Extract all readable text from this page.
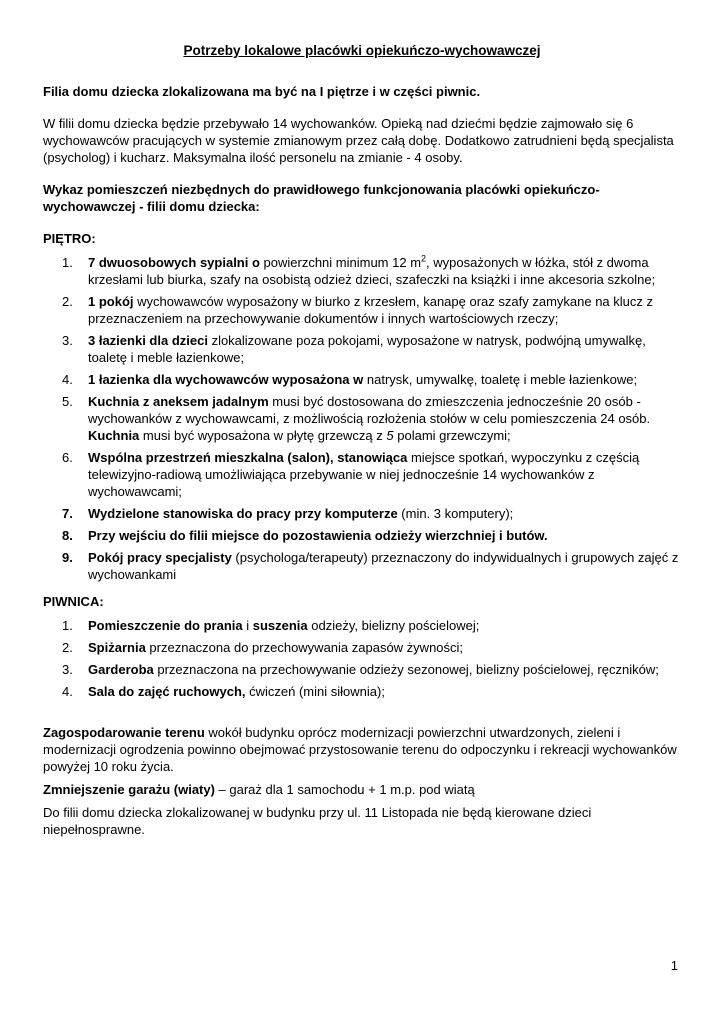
Potrzeby lokalowe placówki opiekuńczo-wychowawczej

Filia domu dziecka zlokalizowana ma być na I piętrze i w części piwnic.

W filii domu dziecka będzie przebywało 14 wychowanków. Opieką nad dziećmi będzie zajmowało się 6 wychowawców pracujących w systemie zmianowym przez całą dobę. Dodatkowo zatrudnieni będą specjalista (psycholog) i kucharz. Maksymalna ilość personelu na zmianie - 4 osoby.

Wykaz pomieszczeń niezbędnych do prawidłowego funkcjonowania placówki opiekuńczo-wychowawczej - filii domu dziecka:

PIĘTRO:
1.	7 dwuosobowych sypialni o powierzchni minimum 12 $m^2$, wyposażonych w łóżka, stół z dwoma krzesłami lub biurka, szafy na osobistą odzież dzieci, szafeczki na książki i inne akcesoria szkolne;
2.	1 pokój wychowawców wyposażony w biurko z krzesłem, kanapę oraz szafy zamykane na klucz z przeznaczeniem na przechowywanie dokumentów i innych wartościowych rzeczy;
3.	3 łazienki dla dzieci zlokalizowane poza pokojami, wyposażone w natrysk, podwójną umywalkę, toaletę i meble łazienkowe;
4.	1 łazienka dla wychowawców wyposażona w natrysk, umywalkę, toaletę i meble łazienkowe;
5.	Kuchnia z aneksem jadalnym musi być dostosowana do zmieszczenia jednocześnie 20 osób - wychowanków z wychowawcami, z możliwością rozłożenia stołów w celu pomieszczenia 24 osób. Kuchnia musi być wyposażona w płytę grzewczą z 5 polami grzewczymi;
6.	Wspólna przestrzeń mieszkalna (salon), stanowiąca miejsce spotkań, wypoczynku z częścią telewizyjno-radiową umożliwiająca przebywanie w niej jednocześnie 14 wychowanków z wychowawcami;
7.	Wydzielone stanowiska do pracy przy komputerze (min. 3 komputery);
8.	Przy wejściu do filii miejsce do pozostawienia odzieży wierzchniej i butów.
9.	Pokój pracy specjalisty (psychologa/terapeuty) przeznaczony do indywidualnych i grupowych zajęć z wychowankami
PIWNICA:
1.	Pomieszczenie do prania i suszenia odzieży, bielizny pościelowej;
2.	Spiżarnia przeznaczona do przechowywania zapasów żywności;
3.	Garderoba przeznaczona na przechowywanie odzieży sezonowej, bielizny pościelowej, ręczników;
4.	Sala do zajęć ruchowych, ćwiczeń (mini siłownia);

Zagospodarowanie terenu wokół budynku oprócz modernizacji powierzchni utwardzonych, zieleni i modernizacji ogrodzenia powinno obejmować przystosowanie terenu do odpoczynku i rekreacji wychowanków powyżej 10 roku życia.

Zmniejszenie garażu (wiaty) – garaż dla 1 samochodu + 1 m.p. pod wiatą

Do filii domu dziecka zlokalizowanej w budynku przy ul. 11 Listopada nie będą kierowane dzieci niepełnosprawne.

1
